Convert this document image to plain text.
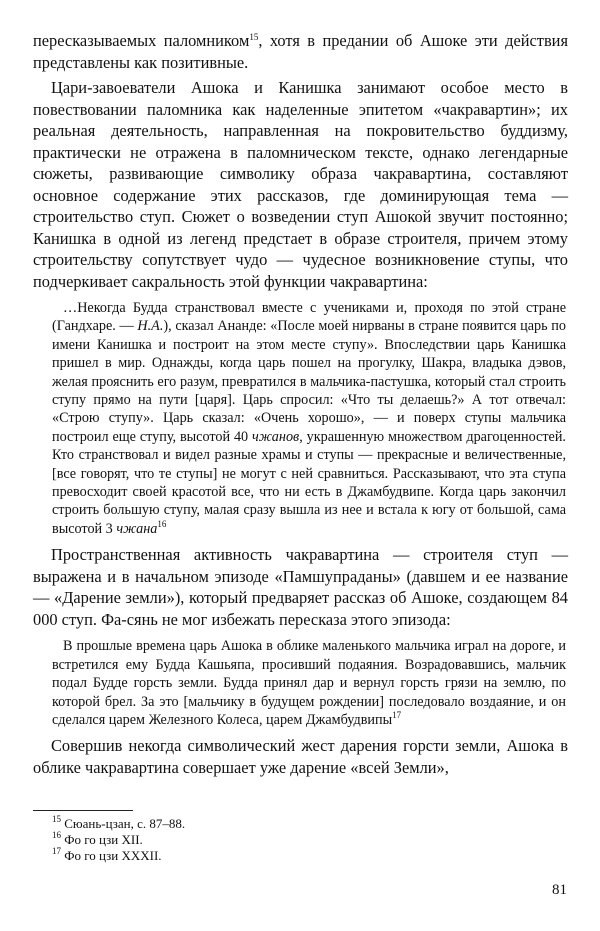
пересказываемых паломником$^{15}$, хотя в предании об Ашоке эти действия представлены как позитивные.

Цари-завоеватели Ашока и Канишка занимают особое место в повествовании паломника как наделенные эпитетом «чакравартин»; их реальная деятельность, направленная на покровительство буддизму, практически не отражена в паломническом тексте, однако легендарные сюжеты, развивающие символику образа чакравартина, составляют основное содержание этих рассказов, где доминирующая тема — строительство ступ. Сюжет о возведении ступ Ашокой звучит постоянно; Канишка в одной из легенд предстает в образе строителя, причем этому строительству сопутствует чудо — чудесное возникновение ступы, что подчеркивает сакральность этой функции чакравартина:

…Некогда Будда странствовал вместе с учениками и, проходя по этой стране (Гандхаре. — Н.А.), сказал Ананде: «После моей нирваны в стране появится царь по имени Канишка и построит на этом месте ступу». Впоследствии царь Канишка пришел в мир. Однажды, когда царь пошел на прогулку, Шакра, владыка дэвов, желая прояснить его разум, превратился в мальчика-пастушка, который стал строить ступу прямо на пути [царя]. Царь спросил: «Что ты делаешь?» А тот отвечал: «Строю ступу». Царь сказал: «Очень хорошо», — и поверх ступы мальчика построил еще ступу, высотой 40 чжанов, украшенную множеством драгоценностей. Кто странствовал и видел разные храмы и ступы — прекрасные и величественные, [все говорят, что те ступы] не могут с ней сравниться. Рассказывают, что эта ступа превосходит своей красотой все, что ни есть в Джамбудвипе. Когда царь закончил строить большую ступу, малая сразу вышла из нее и встала к югу от большой, сама высотой 3 чжана$^{16}$

Пространственная активность чакравартина — строителя ступ — выражена и в начальном эпизоде «Памшупраданы» (давшем и ее название — «Дарение земли»), который предваряет рассказ об Ашоке, создающем 84 000 ступ. Фа-сянь не мог избежать пересказа этого эпизода:

В прошлые времена царь Ашока в облике маленького мальчика играл на дороге, и встретился ему Будда Кашьяпа, просивший подаяния. Возрадовавшись, мальчик подал Будде горсть земли. Будда принял дар и вернул горсть грязи на землю, по которой брел. За это [мальчику в будущем рождении] последовало воздаяние, и он сделался царем Железного Колеса, царем Джамбудвипы$^{17}$

Совершив некогда символический жест дарения горсти земли, Ашока в облике чакравартина совершает уже дарение «всей Земли»,

$^{15}$ Сюань-цзан, с. 87–88.
$^{16}$ Фо го цзи XII.
$^{17}$ Фо го цзи XXXII.
81
